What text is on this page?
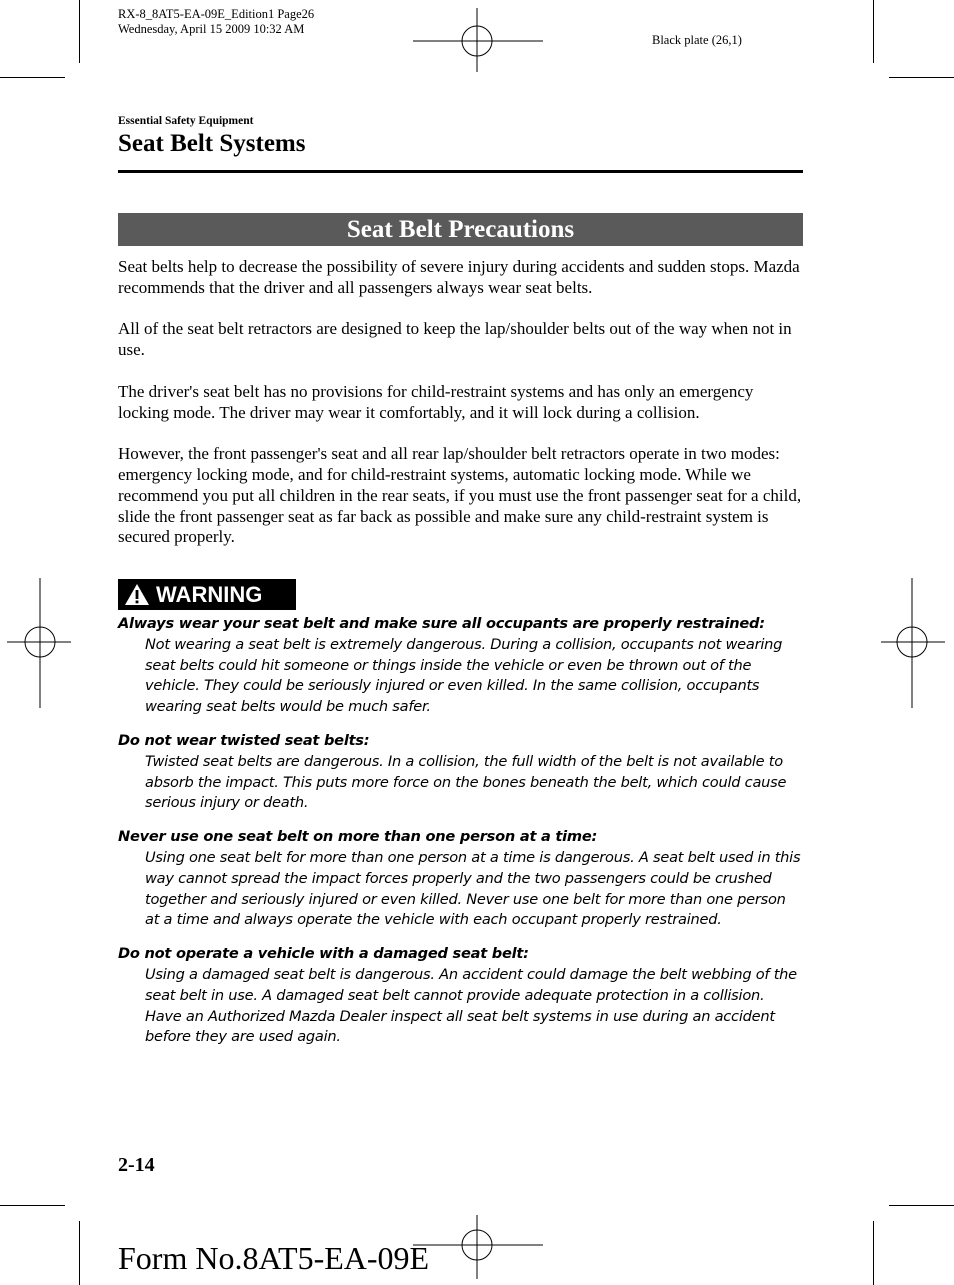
RX-8_8AT5-EA-09E_Edition1 Page26
Wednesday, April 15 2009 10:32 AM
Black plate (26,1)
Essential Safety Equipment
Seat Belt Systems
Seat Belt Precautions

Seat belts help to decrease the possibility of severe injury during accidents and sudden stops. Mazda recommends that the driver and all passengers always wear seat belts.

All of the seat belt retractors are designed to keep the lap/shoulder belts out of the way when not in use.

The driver's seat belt has no provisions for child-restraint systems and has only an emergency locking mode. The driver may wear it comfortably, and it will lock during a collision.

However, the front passenger's seat and all rear lap/shoulder belt retractors operate in two modes: emergency locking mode, and for child-restraint systems, automatic locking mode. While we recommend you put all children in the rear seats, if you must use the front passenger seat for a child, slide the front passenger seat as far back as possible and make sure any child-restraint system is secured properly.

WARNING
Always wear your seat belt and make sure all occupants are properly restrained:
Not wearing a seat belt is extremely dangerous. During a collision, occupants not wearing seat belts could hit someone or things inside the vehicle or even be thrown out of the vehicle. They could be seriously injured or even killed. In the same collision, occupants wearing seat belts would be much safer.
Do not wear twisted seat belts:
Twisted seat belts are dangerous. In a collision, the full width of the belt is not available to absorb the impact. This puts more force on the bones beneath the belt, which could cause serious injury or death.
Never use one seat belt on more than one person at a time:
Using one seat belt for more than one person at a time is dangerous. A seat belt used in this way cannot spread the impact forces properly and the two passengers could be crushed together and seriously injured or even killed. Never use one belt for more than one person at a time and always operate the vehicle with each occupant properly restrained.
Do not operate a vehicle with a damaged seat belt:
Using a damaged seat belt is dangerous. An accident could damage the belt webbing of the seat belt in use. A damaged seat belt cannot provide adequate protection in a collision. Have an Authorized Mazda Dealer inspect all seat belt systems in use during an accident before they are used again.
2-14
Form No.8AT5-EA-09E
